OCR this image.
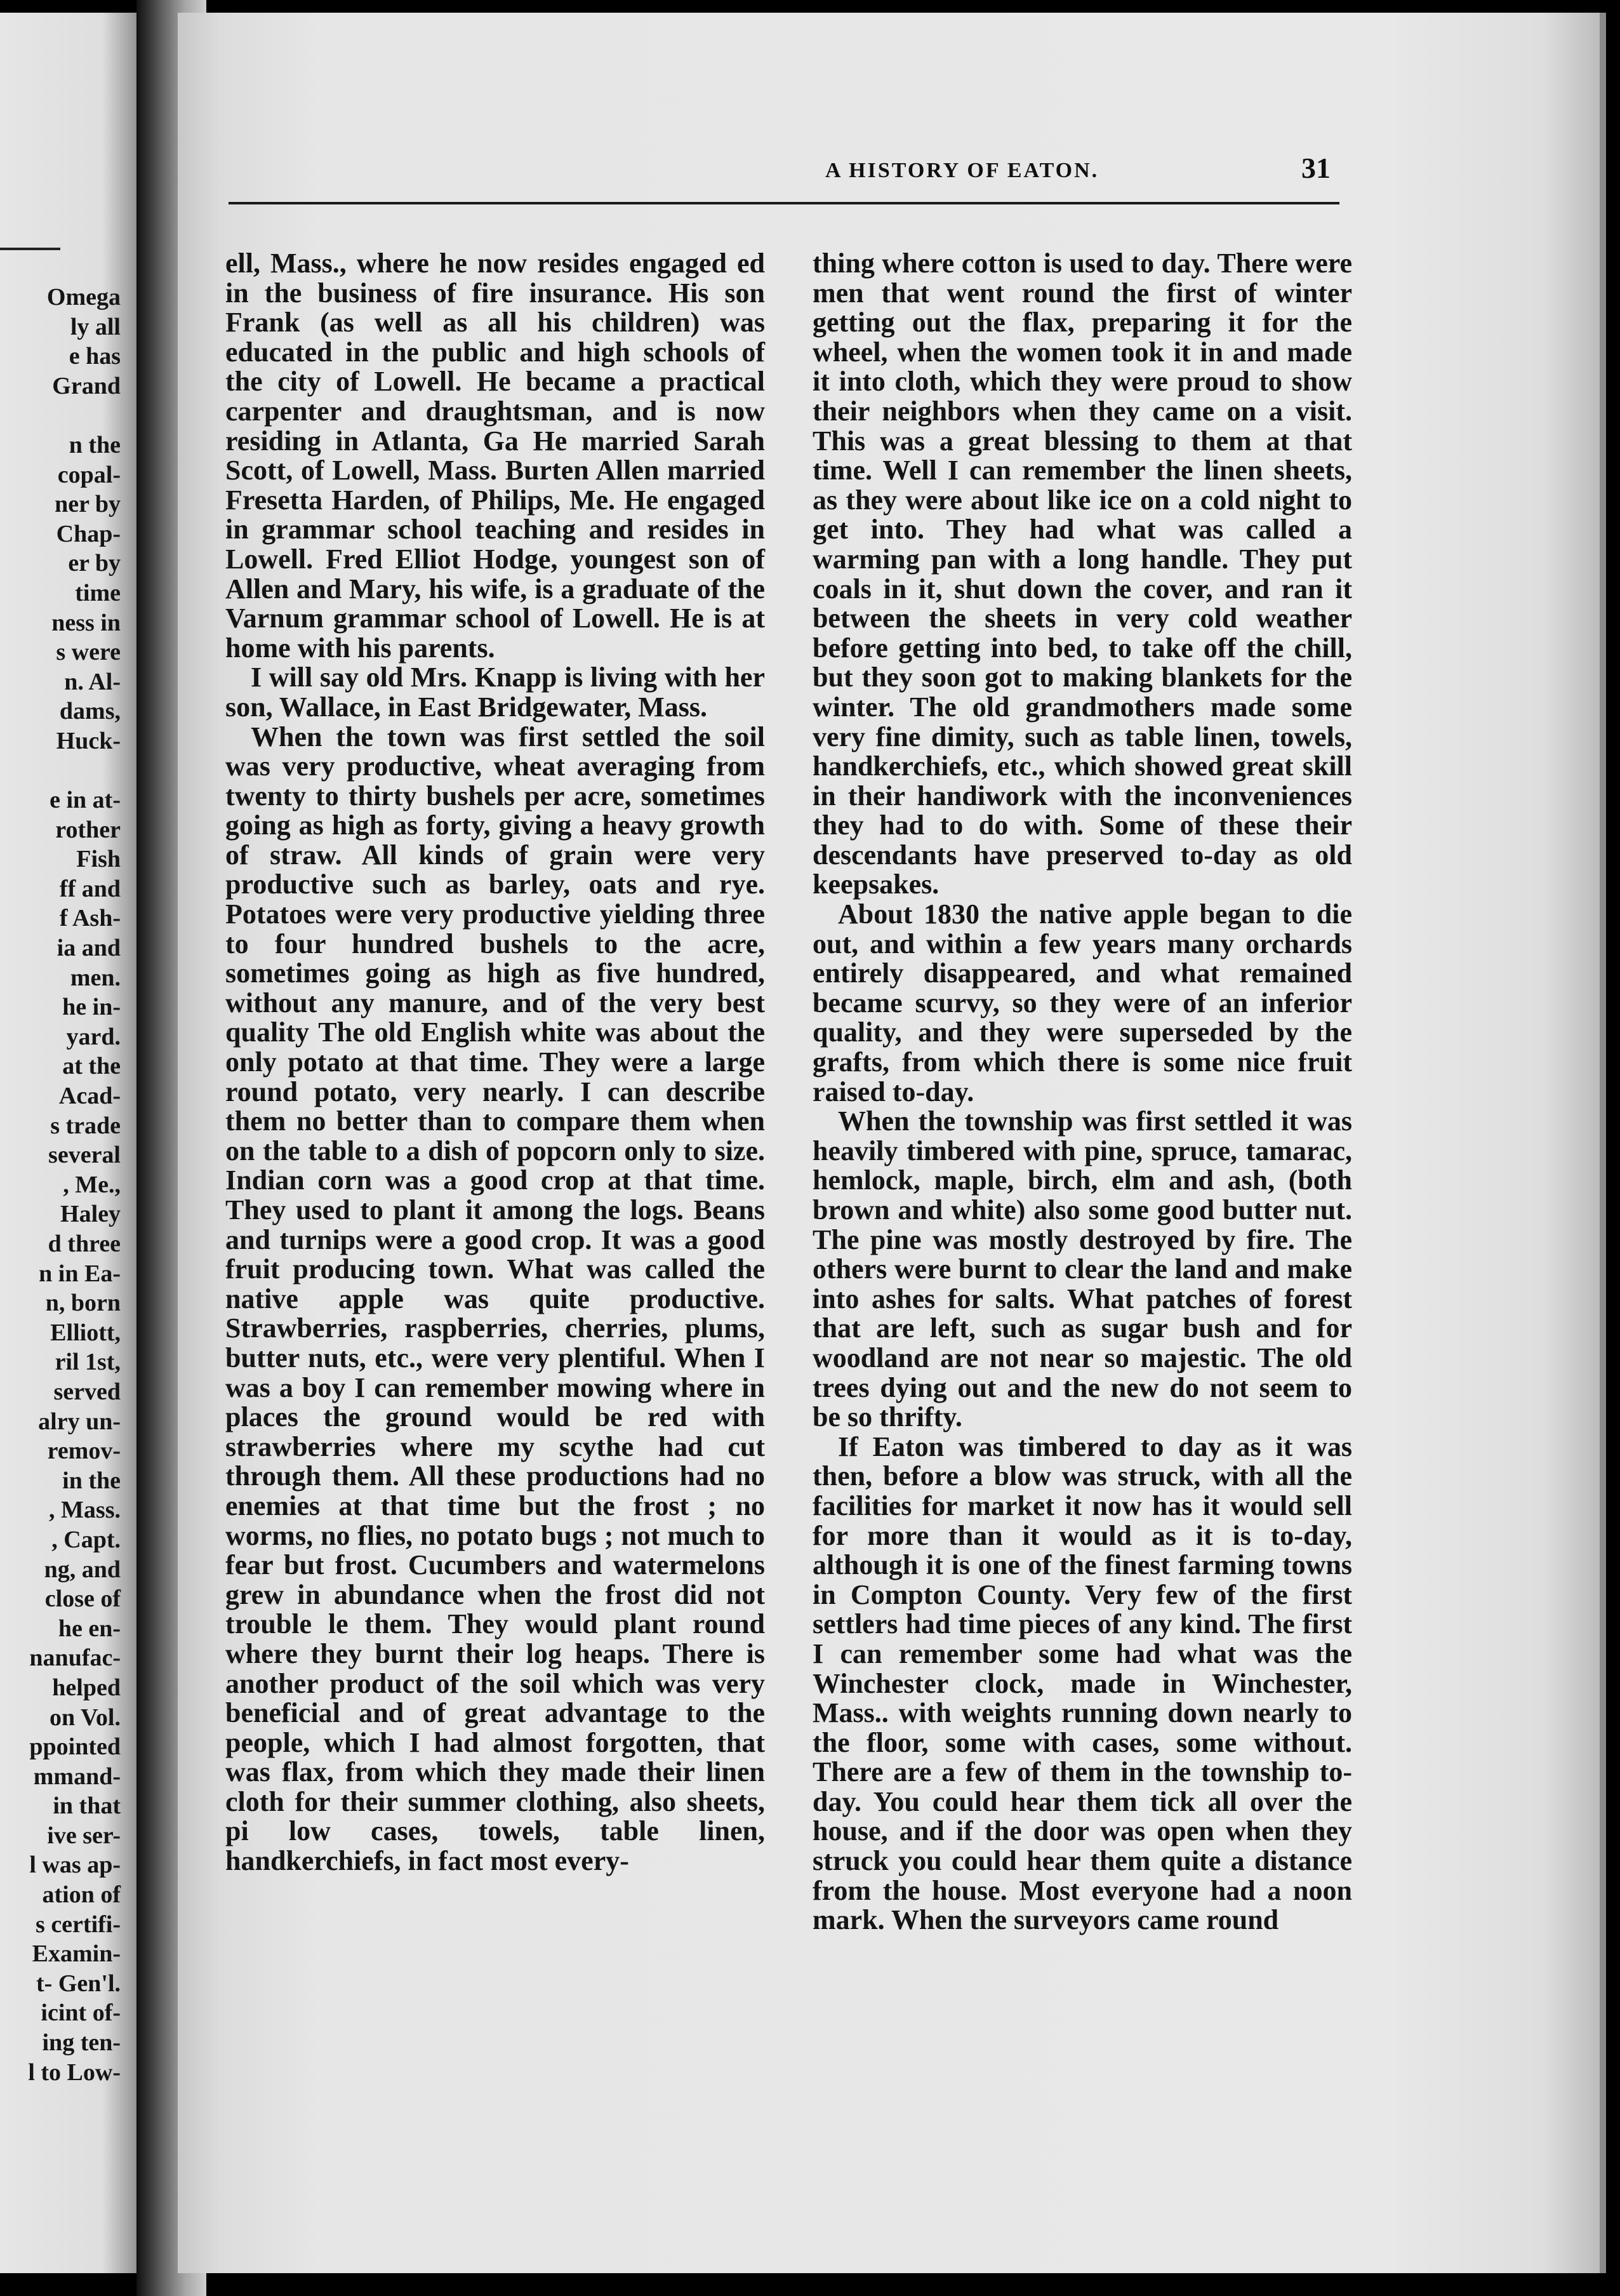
Omega
ly all
e has
Grand
n the
copal-
ner by
Chap-
er by
time
ness in
s were
n. Al-
dams,
Huck-
e in at-
rother
Fish
ff and
f Ash-
ia and
men.
he in-
yard.
at the
Acad-
s trade
several
, Me.,
Haley
d three
n in Ea-
n, born
Elliott,
ril 1st,
served
alry un-
remov-
in the
, Mass.
, Capt.
ng, and
close of
he en-
nanufac-
helped
on Vol.
ppointed
mmand-
in that
ive ser-
l was ap-
ation of
s certifi-
Examin-
t- Gen'l.
icint of-
ing ten-
l to Low-
A HISTORY OF EATON.	31

ell, Mass., where he now resides engaged ed in the business of fire insurance. His son Frank (as well as all his children) was educated in the public and high schools of the city of Lowell. He became a practical carpenter and draughtsman, and is now residing in Atlanta, Ga He married Sarah Scott, of Lowell, Mass. Burten Allen married Fresetta Harden, of Philips, Me. He engaged in grammar school teaching and resides in Lowell. Fred Elliot Hodge, youngest son of Allen and Mary, his wife, is a graduate of the Varnum grammar school of Lowell. He is at home with his parents.

I will say old Mrs. Knapp is living with her son, Wallace, in East Bridgewater, Mass.

When the town was first settled the soil was very productive, wheat averaging from twenty to thirty bushels per acre, sometimes going as high as forty, giving a heavy growth of straw. All kinds of grain were very productive such as barley, oats and rye. Potatoes were very productive yielding three to four hundred bushels to the acre, sometimes going as high as five hundred, without any manure, and of the very best quality The old English white was about the only potato at that time. They were a large round potato, very nearly. I can describe them no better than to compare them when on the table to a dish of popcorn only to size. Indian corn was a good crop at that time. They used to plant it among the logs. Beans and turnips were a good crop. It was a good fruit producing town. What was called the native apple was quite productive. Strawberries, raspberries, cherries, plums, butter nuts, etc., were very plentiful. When I was a boy I can remember mowing where in places the ground would be red with strawberries where my scythe had cut through them. All these productions had no enemies at that time but the frost ; no worms, no flies, no potato bugs ; not much to fear but frost. Cucumbers and watermelons grew in abundance when the frost did not trouble le them. They would plant round where they burnt their log heaps. There is another product of the soil which was very beneficial and of great advantage to the people, which I had almost forgotten, that was flax, from which they made their linen cloth for their summer clothing, also sheets, pi low cases, towels, table linen, handkerchiefs, in fact most every-

thing where cotton is used to day. There were men that went round the first of winter getting out the flax, preparing it for the wheel, when the women took it in and made it into cloth, which they were proud to show their neighbors when they came on a visit. This was a great blessing to them at that time. Well I can remember the linen sheets, as they were about like ice on a cold night to get into. They had what was called a warming pan with a long handle. They put coals in it, shut down the cover, and ran it between the sheets in very cold weather before getting into bed, to take off the chill, but they soon got to making blankets for the winter. The old grandmothers made some very fine dimity, such as table linen, towels, handkerchiefs, etc., which showed great skill in their handiwork with the inconveniences they had to do with. Some of these their descendants have preserved to-day as old keepsakes.

About 1830 the native apple began to die out, and within a few years many orchards entirely disappeared, and what remained became scurvy, so they were of an inferior quality, and they were superseded by the grafts, from which there is some nice fruit raised to-day.

When the township was first settled it was heavily timbered with pine, spruce, tamarac, hemlock, maple, birch, elm and ash, (both brown and white) also some good butter nut. The pine was mostly destroyed by fire. The others were burnt to clear the land and make into ashes for salts. What patches of forest that are left, such as sugar bush and for woodland are not near so majestic. The old trees dying out and the new do not seem to be so thrifty.

If Eaton was timbered to day as it was then, before a blow was struck, with all the facilities for market it now has it would sell for more than it would as it is to-day, although it is one of the finest farming towns in Compton County. Very few of the first settlers had time pieces of any kind. The first I can remember some had what was the Winchester clock, made in Winchester, Mass.. with weights running down nearly to the floor, some with cases, some without. There are a few of them in the township to-day. You could hear them tick all over the house, and if the door was open when they struck you could hear them quite a distance from the house. Most everyone had a noon mark. When the surveyors came round
